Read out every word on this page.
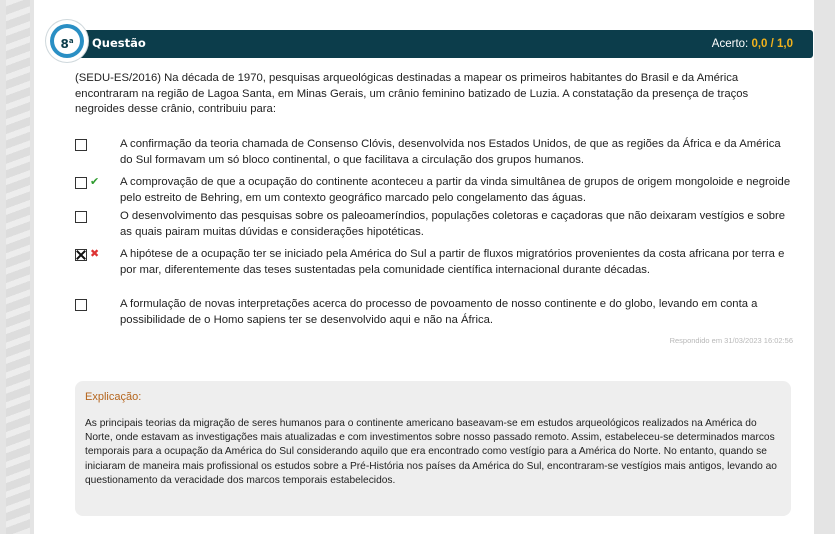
8$^a$	Questão	Acerto: 0,0 / 1,0
(SEDU-ES/2016) Na década de 1970, pesquisas arqueológicas destinadas a mapear os primeiros habitantes do Brasil e da América encontraram na região de Lagoa Santa, em Minas Gerais, um crânio feminino batizado de Luzia. A constatação da presença de traços negroides desse crânio, contribuiu para:
A confirmação da teoria chamada de Consenso Clóvis, desenvolvida nos Estados Unidos, de que as regiões da África e da América do Sul formavam um só bloco continental, o que facilitava a circulação dos grupos humanos.
✔ A comprovação de que a ocupação do continente aconteceu a partir da vinda simultânea de grupos de origem mongoloide e negroide pelo estreito de Behring, em um contexto geográfico marcado pelo congelamento das águas.
O desenvolvimento das pesquisas sobre os paleoameríndios, populações coletoras e caçadoras que não deixaram vestígios e sobre as quais pairam muitas dúvidas e considerações hipotéticas.
✖ A hipótese de a ocupação ter se iniciado pela América do Sul a partir de fluxos migratórios provenientes da costa africana por terra e por mar, diferentemente das teses sustentadas pela comunidade científica internacional durante décadas.
A formulação de novas interpretações acerca do processo de povoamento de nosso continente e do globo, levando em conta a possibilidade de o Homo sapiens ter se desenvolvido aqui e não na África.
Respondido em 31/03/2023 16:02:56
Explicação:
As principais teorias da migração de seres humanos para o continente americano baseavam-se em estudos arqueológicos realizados na América do Norte, onde estavam as investigações mais atualizadas e com investimentos sobre nosso passado remoto. Assim, estabeleceu-se determinados marcos temporais para a ocupação da América do Sul considerando aquilo que era encontrado como vestígio para a América do Norte. No entanto, quando se iniciaram de maneira mais profissional os estudos sobre a Pré-História nos países da América do Sul, encontraram-se vestígios mais antigos, levando ao questionamento da veracidade dos marcos temporais estabelecidos.
